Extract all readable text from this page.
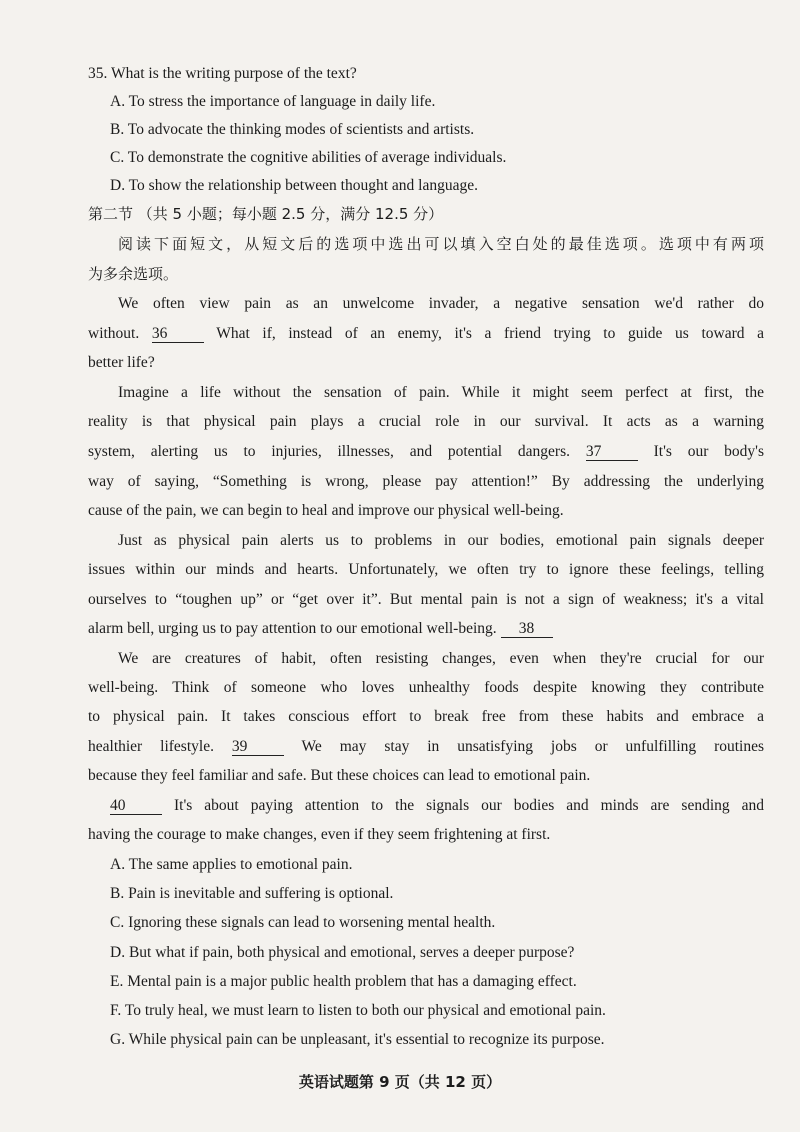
35. What is the writing purpose of the text?
A. To stress the importance of language in daily life.
B. To advocate the thinking modes of scientists and artists.
C. To demonstrate the cognitive abilities of average individuals.
D. To show the relationship between thought and language.
第二节 （共 5 小题；每小题 2.5 分，满分 12.5 分）
阅读下面短文，从短文后的选项中选出可以填入空白处的最佳选项。选项中有两项
为多余选项。
We often view pain as an unwelcome invader, a negative sensation we'd rather do
without. 36	What if, instead of an enemy, it's a friend trying to guide us toward a
better life?
Imagine a life without the sensation of pain. While it might seem perfect at first, the
reality is that physical pain plays a crucial role in our survival. It acts as a warning
system, alerting us to injuries, illnesses, and potential dangers. 37	It's our body's
way of saying, “Something is wrong, please pay attention!” By addressing the underlying
cause of the pain, we can begin to heal and improve our physical well-being.
Just as physical pain alerts us to problems in our bodies, emotional pain signals deeper
issues within our minds and hearts. Unfortunately, we often try to ignore these feelings, telling
ourselves to “toughen up” or “get over it”. But mental pain is not a sign of weakness; it's a vital
alarm bell, urging us to pay attention to our emotional well-being. 38
We are creatures of habit, often resisting changes, even when they're crucial for our
well-being. Think of someone who loves unhealthy foods despite knowing they contribute
to physical pain. It takes conscious effort to break free from these habits and embrace a
healthier lifestyle. 39	We may stay in unsatisfying jobs or unfulfilling routines
because they feel familiar and safe. But these choices can lead to emotional pain.
40	It's about paying attention to the signals our bodies and minds are sending and
having the courage to make changes, even if they seem frightening at first.
A. The same applies to emotional pain.
B. Pain is inevitable and suffering is optional.
C. Ignoring these signals can lead to worsening mental health.
D. But what if pain, both physical and emotional, serves a deeper purpose?
E. Mental pain is a major public health problem that has a damaging effect.
F. To truly heal, we must learn to listen to both our physical and emotional pain.
G. While physical pain can be unpleasant, it's essential to recognize its purpose.
英语试题第 9 页（共 12 页）
